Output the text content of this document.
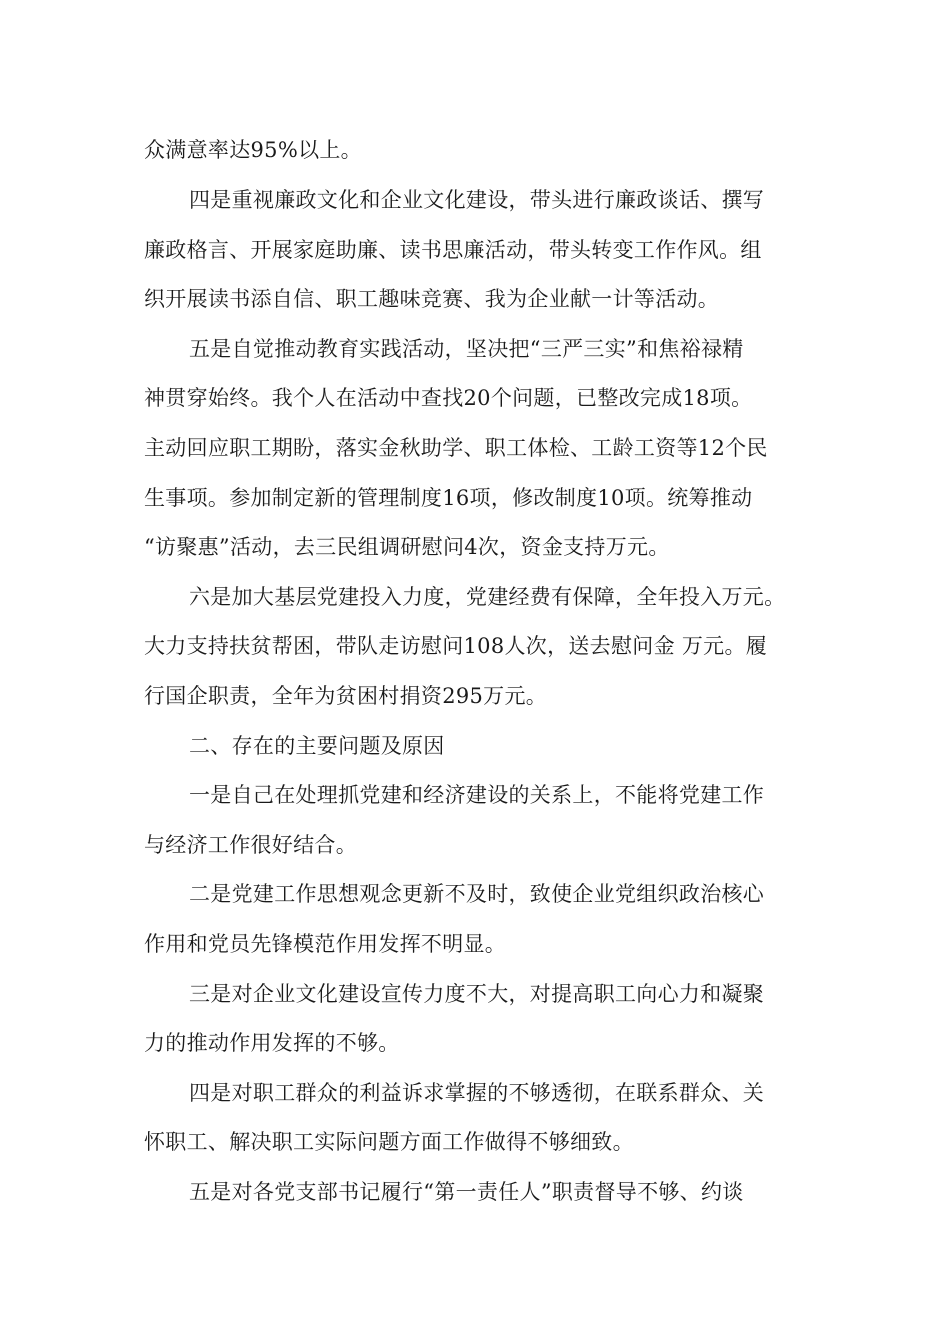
众满意率达95%以上。
四是重视廉政文化和企业文化建设，带头进行廉政谈话、撰写
廉政格言、开展家庭助廉、读书思廉活动，带头转变工作作风。组
织开展读书添自信、职工趣味竞赛、我为企业献一计等活动。
五是自觉推动教育实践活动，坚决把“三严三实”和焦裕禄精
神贯穿始终。我个人在活动中查找20个问题，已整改完成18项。
主动回应职工期盼，落实金秋助学、职工体检、工龄工资等12个民
生事项。参加制定新的管理制度16项，修改制度10项。统筹推动
“访聚惠”活动，去三民组调研慰问4次，资金支持万元。
六是加大基层党建投入力度，党建经费有保障，全年投入万元。
大力支持扶贫帮困，带队走访慰问108人次，送去慰问金 万元。履
行国企职责，全年为贫困村捐资295万元。
二、存在的主要问题及原因
一是自己在处理抓党建和经济建设的关系上，不能将党建工作
与经济工作很好结合。
二是党建工作思想观念更新不及时，致使企业党组织政治核心
作用和党员先锋模范作用发挥不明显。
三是对企业文化建设宣传力度不大，对提高职工向心力和凝聚
力的推动作用发挥的不够。
四是对职工群众的利益诉求掌握的不够透彻，在联系群众、关
怀职工、解决职工实际问题方面工作做得不够细致。
五是对各党支部书记履行“第一责任人”职责督导不够、约谈
